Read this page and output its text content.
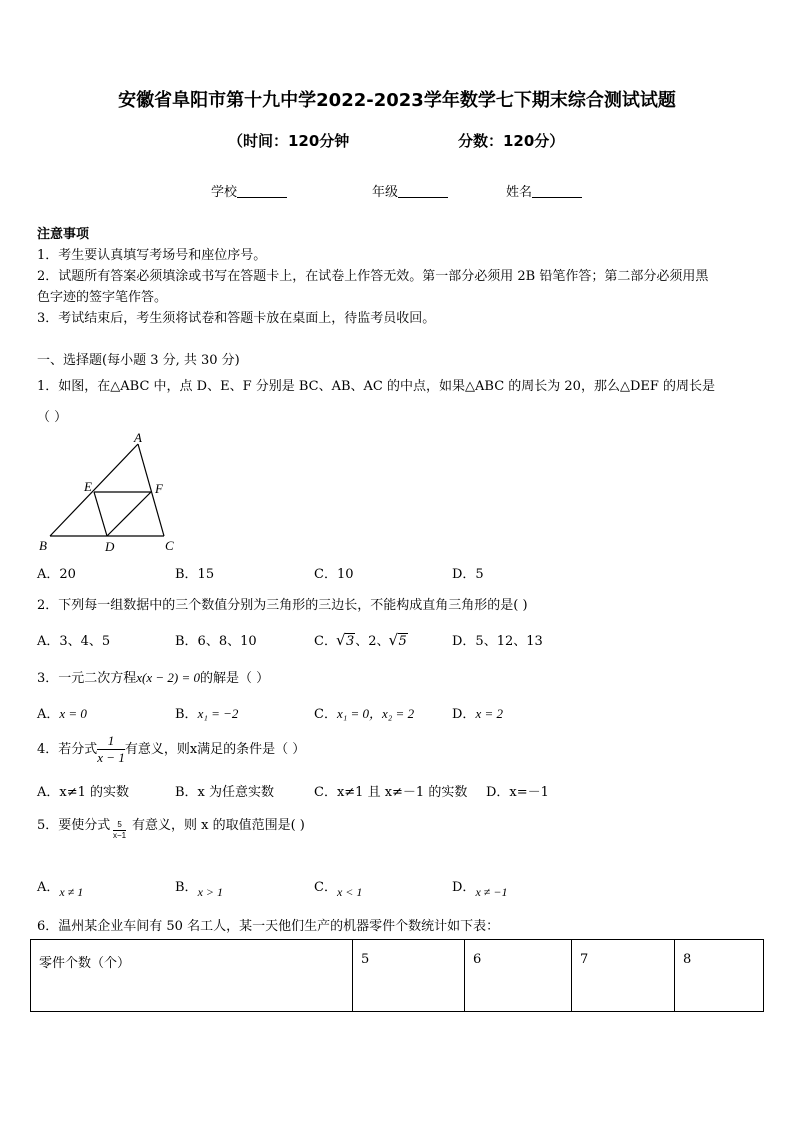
安徽省阜阳市第十九中学2022-2023学年数学七下期末综合测试试题
（时间：120分钟	分数：120分）
学校	年级	姓名
注意事项
1．考生要认真填写考场号和座位序号。
2．试题所有答案必须填涂或书写在答题卡上，在试卷上作答无效。第一部分必须用 2B 铅笔作答；第二部分必须用黑
色字迹的签字笔作答。
3．考试结束后，考生须将试卷和答题卡放在桌面上，待监考员收回。
一、选择题(每小题 3 分, 共 30 分)
1．如图，在△ABC 中，点 D、E、F 分别是 BC、AB、AC 的中点，如果△ABC 的周长为 20，那么△DEF 的周长是
（ ）
A
E	F
B	D	C
A．20	B．15	C．10	D．5
2．下列每一组数据中的三个数值分别为三角形的三边长，不能构成直角三角形的是( )
A．3、4、5	B．6、8、10	C． √ 3、2、 √ 5	D．5、12、13
3．一元二次方程x(x − 2) = 0的解是（ ）
A．x = 0	B．x₁ = −2	C．x₁ = 0，x₂ = 2	D．x = 2
4．若分式 $\frac{1}{x - 1}$ 有意义，则x满足的条件是（ ）
A．x≠1 的实数	B．x 为任意实数	C．x≠1 且 x≠－1 的实数 D．x=－1
5．要使分式 $\frac{5}{x-1}$ 有意义，则 x 的取值范围是( )
A．x ≠ 1	B．x > 1	C．x < 1	D．x ≠ −1
6．温州某企业车间有 50 名工人，某一天他们生产的机器零件个数统计如下表：
零件个数（个）	5	6	7	8
